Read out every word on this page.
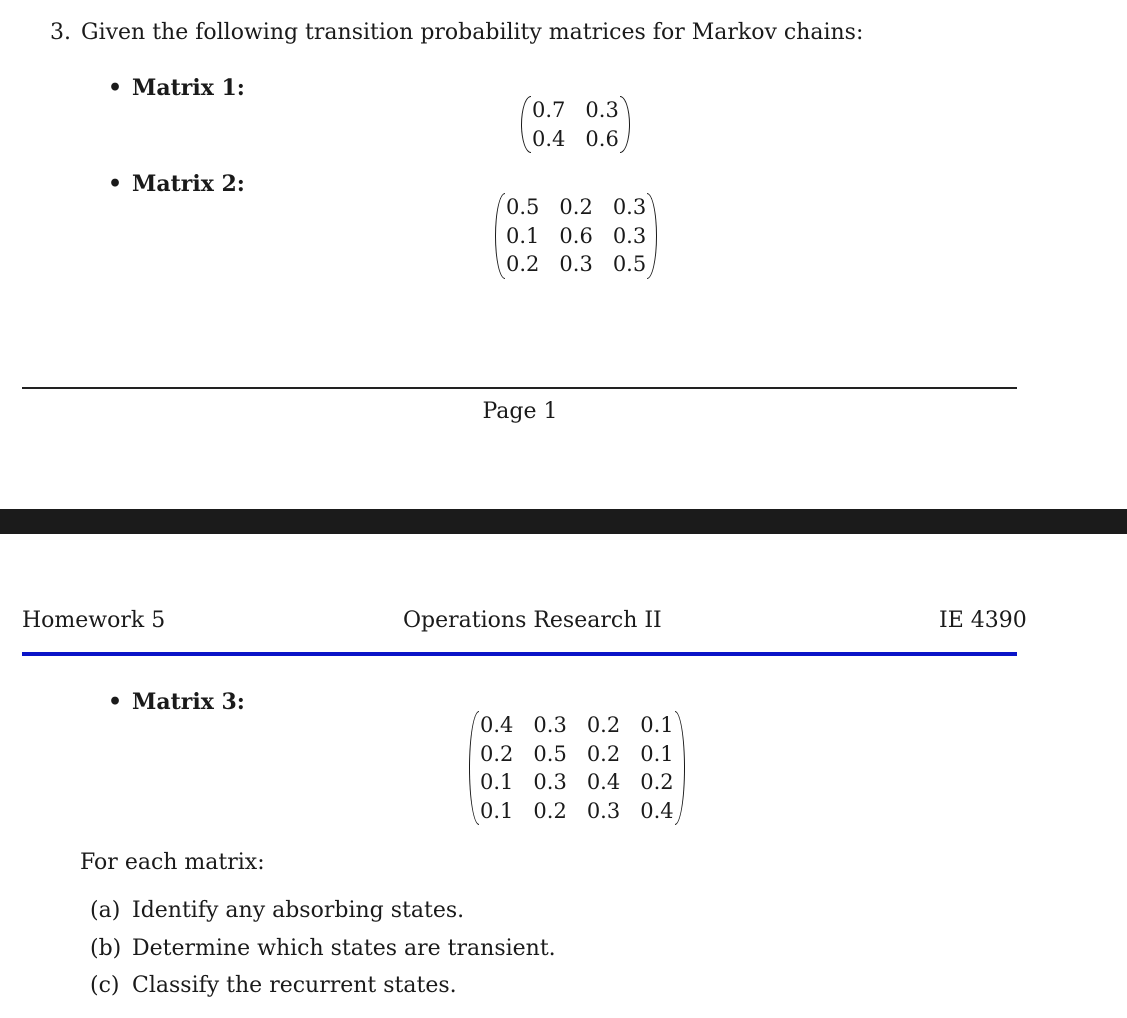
3. Given the following transition probability matrices for Markov chains:
• Matrix 1:
0.7 0.3
0.4 0.6
• Matrix 2:
0.5 0.2 0.3
0.1 0.6 0.3
0.2 0.3 0.5
Page 1
Homework 5	Operations Research II	IE 4390
• Matrix 3:
0.4 0.3 0.2 0.1
0.2 0.5 0.2 0.1
0.1 0.3 0.4 0.2
0.1 0.2 0.3 0.4
For each matrix:
(a) Identify any absorbing states.
(b) Determine which states are transient.
(c) Classify the recurrent states.
